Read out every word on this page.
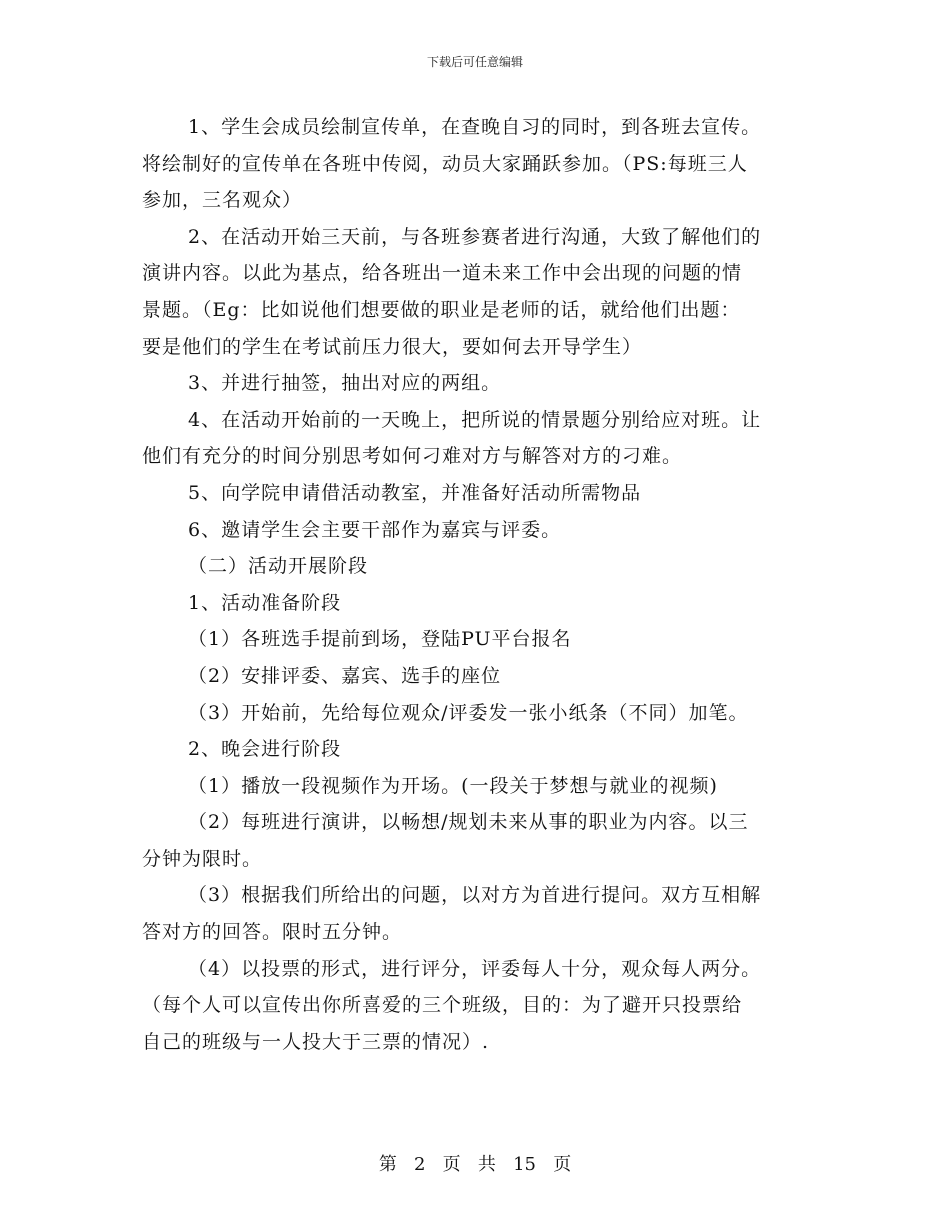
下载后可任意编辑
1、学生会成员绘制宣传单，在查晚自习的同时，到各班去宣传。
将绘制好的宣传单在各班中传阅，动员大家踊跃参加。（PS:每班三人
参加，三名观众）
2、在活动开始三天前，与各班参赛者进行沟通，大致了解他们的
演讲内容。以此为基点，给各班出一道未来工作中会出现的问题的情
景题。（Eg：比如说他们想要做的职业是老师的话，就给他们出题：
要是他们的学生在考试前压力很大，要如何去开导学生）
3、并进行抽签，抽出对应的两组。
4、在活动开始前的一天晚上，把所说的情景题分别给应对班。让
他们有充分的时间分别思考如何刁难对方与解答对方的刁难。
5、向学院申请借活动教室，并准备好活动所需物品
6、邀请学生会主要干部作为嘉宾与评委。
（二）活动开展阶段
1、活动准备阶段
（1）各班选手提前到场，登陆PU平台报名
（2）安排评委、嘉宾、选手的座位
（3）开始前，先给每位观众/评委发一张小纸条（不同）加笔。
2、晚会进行阶段
（1）播放一段视频作为开场。(一段关于梦想与就业的视频)
（2）每班进行演讲，以畅想/规划未来从事的职业为内容。以三
分钟为限时。
（3）根据我们所给出的问题，以对方为首进行提问。双方互相解
答对方的回答。限时五分钟。
（4）以投票的形式，进行评分，评委每人十分，观众每人两分。
（每个人可以宣传出你所喜爱的三个班级，目的：为了避开只投票给
自己的班级与一人投大于三票的情况）.
第 2 页 共 15 页
